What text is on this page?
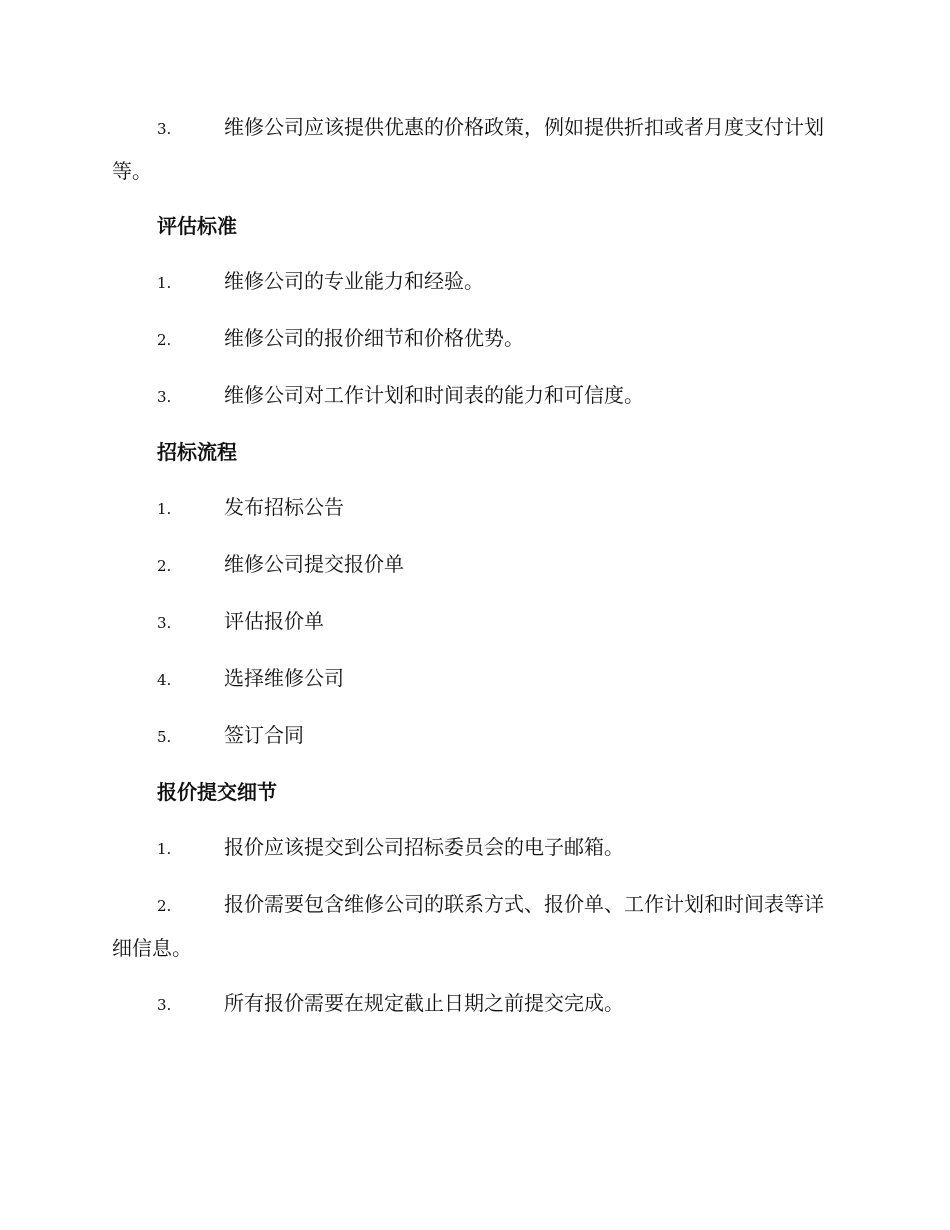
3.	维修公司应该提供优惠的价格政策，例如提供折扣或者月度支付计划等。

评估标准

1.	维修公司的专业能力和经验。

2.	维修公司的报价细节和价格优势。

3.	维修公司对工作计划和时间表的能力和可信度。

招标流程

1.	发布招标公告

2.	维修公司提交报价单

3.	评估报价单

4.	选择维修公司

5.	签订合同

报价提交细节

1.	报价应该提交到公司招标委员会的电子邮箱。

2.	报价需要包含维修公司的联系方式、报价单、工作计划和时间表等详细信息。

3.	所有报价需要在规定截止日期之前提交完成。
